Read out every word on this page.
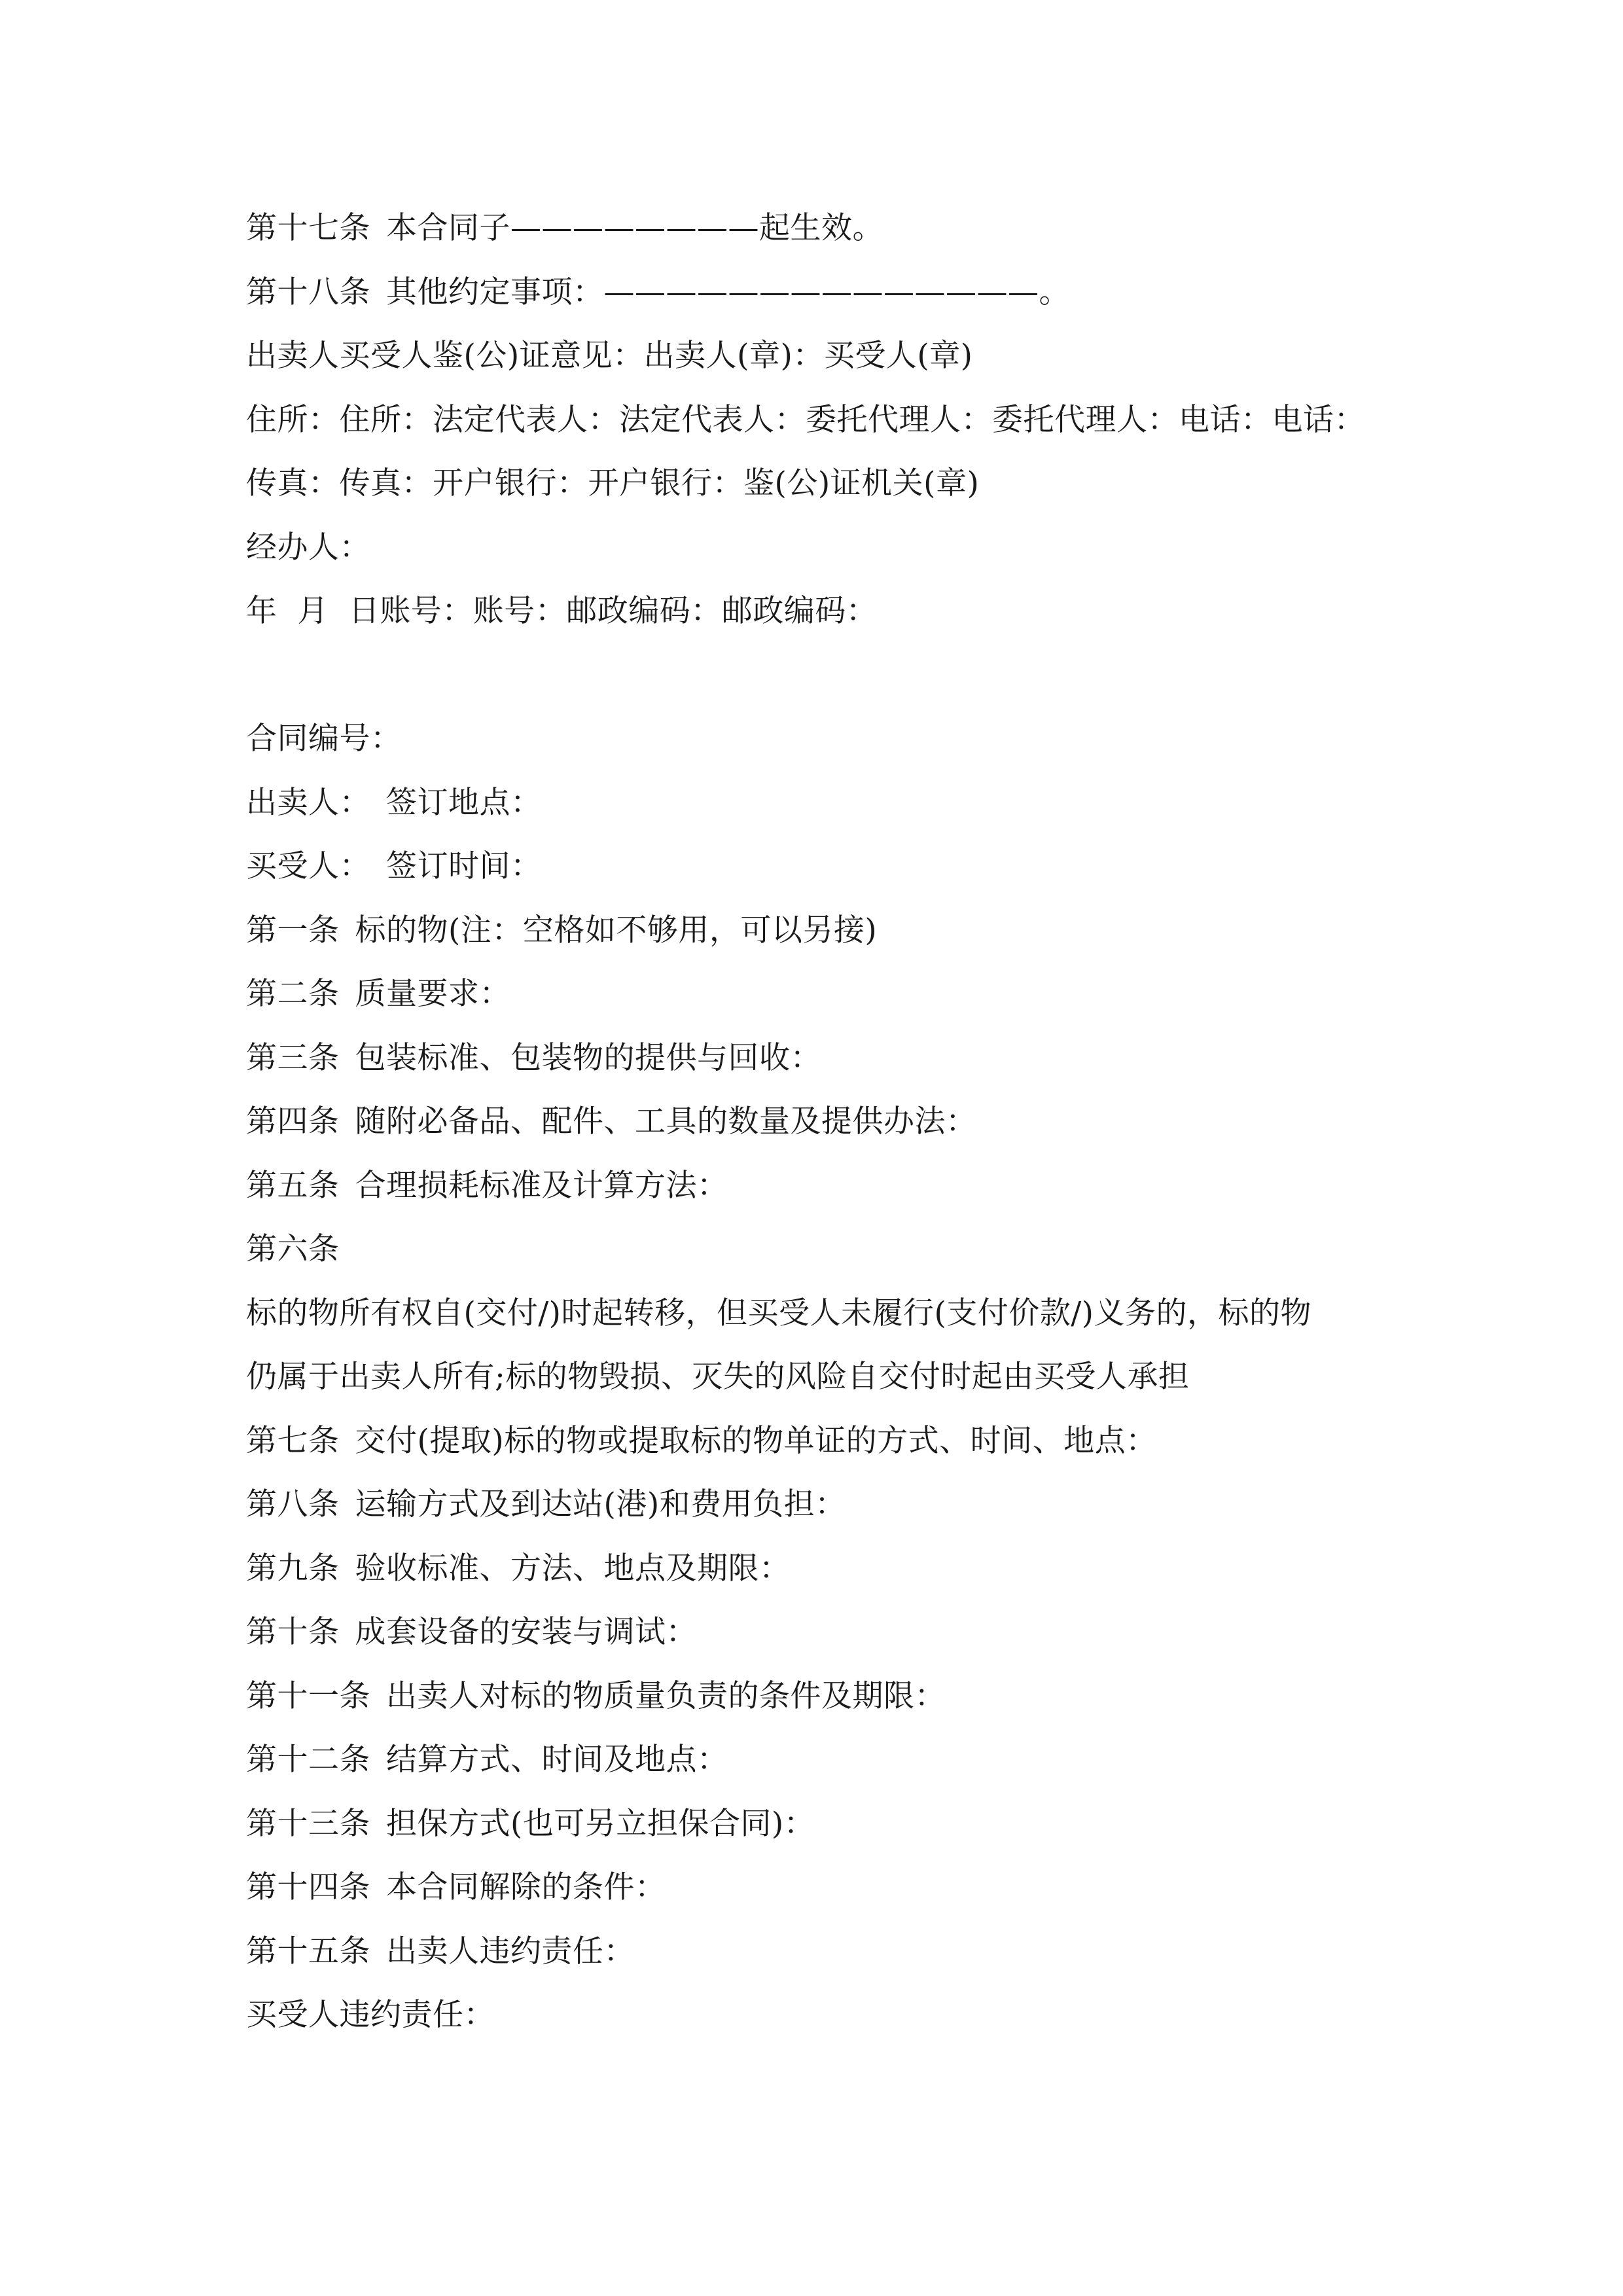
第十七条 本合同子————————起生效。
第十八条 其他约定事项：——————————————。
出卖人买受人鉴(公)证意见：出卖人(章)：买受人(章)
住所：住所：法定代表人：法定代表人：委托代理人：委托代理人：电话：电话：
传真：传真：开户银行：开户银行：鉴(公)证机关(章)
经办人：
年  月  日账号：账号：邮政编码：邮政编码：
合同编号：
出卖人： 签订地点：
买受人： 签订时间：
第一条 标的物(注：空格如不够用，可以另接)
第二条 质量要求：
第三条 包装标准、包装物的提供与回收：
第四条 随附必备品、配件、工具的数量及提供办法：
第五条 合理损耗标准及计算方法：
第六条
标的物所有权自(交付/)时起转移，但买受人未履行(支付价款/)义务的，标的物
仍属于出卖人所有;标的物毁损、灭失的风险自交付时起由买受人承担
第七条 交付(提取)标的物或提取标的物单证的方式、时间、地点：
第八条 运输方式及到达站(港)和费用负担：
第九条 验收标准、方法、地点及期限：
第十条 成套设备的安装与调试：
第十一条 出卖人对标的物质量负责的条件及期限：
第十二条 结算方式、时间及地点：
第十三条 担保方式(也可另立担保合同)：
第十四条 本合同解除的条件：
第十五条 出卖人违约责任：
买受人违约责任：
